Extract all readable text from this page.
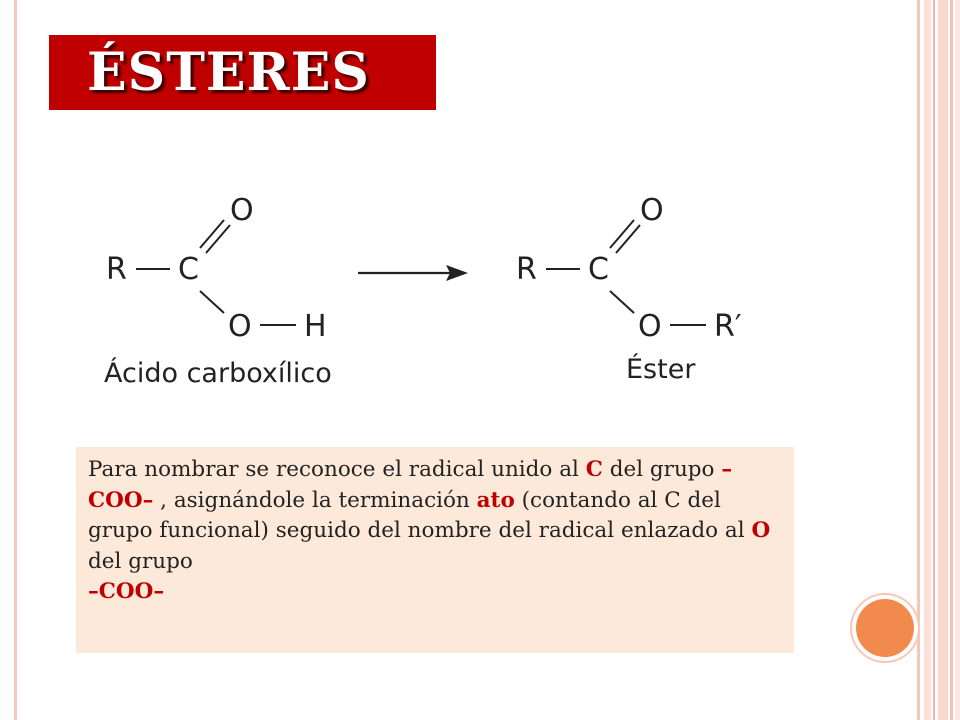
ÉSTERES
R C
O
O H
Ácido carboxílico
R C
O
O R′
Éster

Para nombrar se reconoce el radical unido al C del grupo –COO– , asignándole la terminación ato (contando al C del grupo funcional) seguido del nombre del radical enlazado al O del grupo
–COO–
